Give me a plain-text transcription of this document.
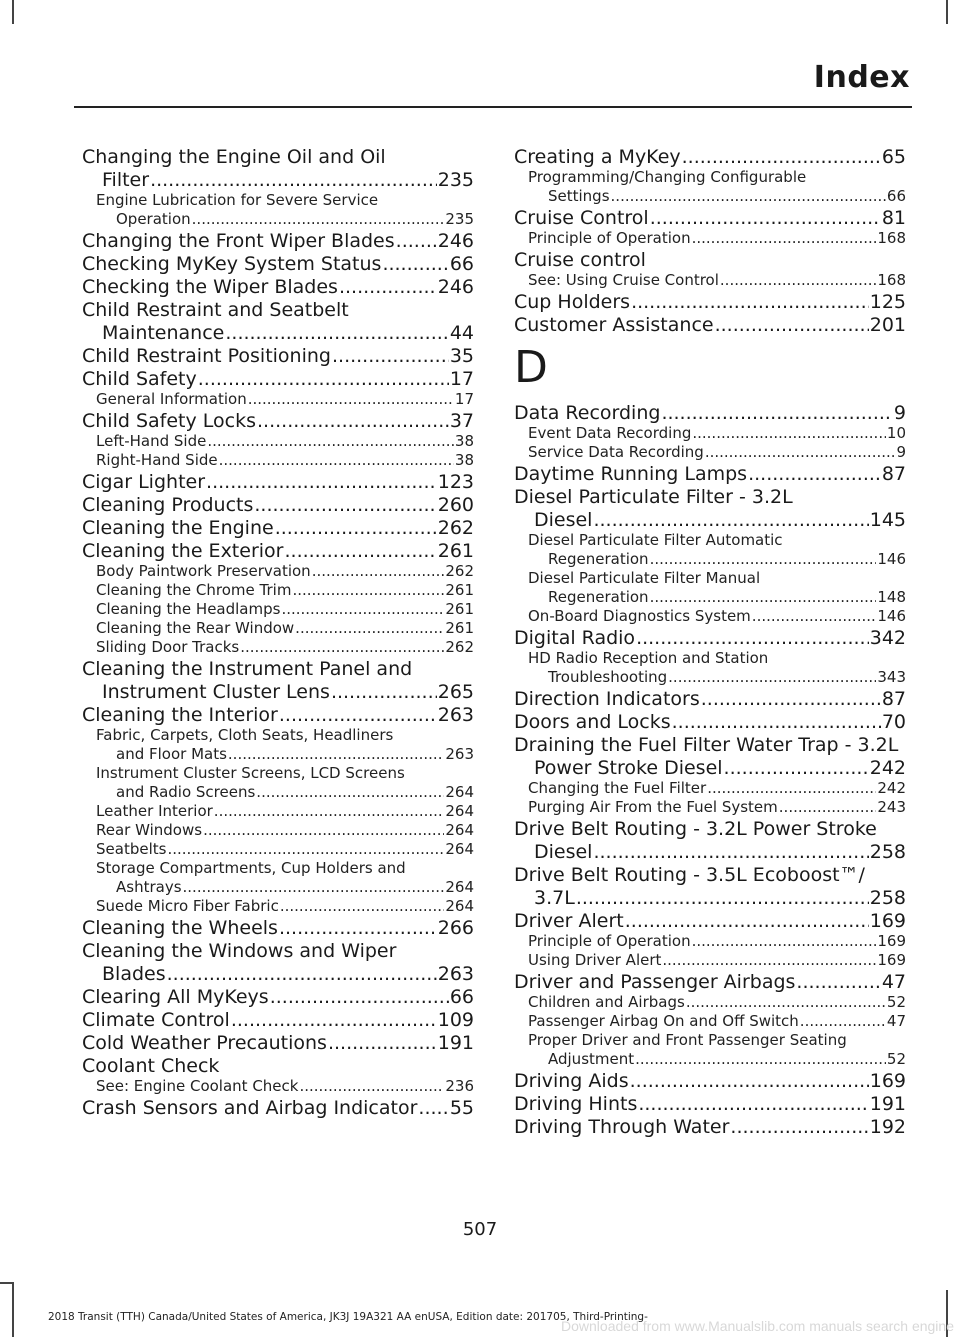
Index
Changing the Engine Oil and Oil
Filter .....	235
Engine Lubrication for Severe Service
Operation .....	235
Changing the Front Wiper Blades ..... 246
Checking MyKey System Status .....	66
Checking the Wiper Blades .....	246
Child Restraint and Seatbelt
Maintenance .....	44
Child Restraint Positioning .....	35
Child Safety .....	17
General Information .....	17
Child Safety Locks .....	37
Left-Hand Side .....	38
Right-Hand Side .....	38
Cigar Lighter .....	123
Cleaning Products .....	260
Cleaning the Engine .....	262
Cleaning the Exterior .....	261
Body Paintwork Preservation .....	262
Cleaning the Chrome Trim .....	261
Cleaning the Headlamps .....	261
Cleaning the Rear Window .....	261
Sliding Door Tracks .....	262
Cleaning the Instrument Panel and
Instrument Cluster Lens .....	265
Cleaning the Interior .....	263
Fabric, Carpets, Cloth Seats, Headliners
and Floor Mats .....	263
Instrument Cluster Screens, LCD Screens
and Radio Screens .....	264
Leather Interior .....	264
Rear Windows .....	264
Seatbelts .....	264
Storage Compartments, Cup Holders and
Ashtrays .....	264
Suede Micro Fiber Fabric .....	264
Cleaning the Wheels .....	266
Cleaning the Windows and Wiper
Blades .....	263
Clearing All MyKeys .....	66
Climate Control .....	109
Cold Weather Precautions .....	191
Coolant Check
See: Engine Coolant Check .....	236
Crash Sensors and Airbag Indicator ..... 55
Creating a MyKey .....	65
Programming/Changing Configurable
Settings .....	66
Cruise Control .....	81
Principle of Operation .....	168
Cruise control
See: Using Cruise Control .....	168
Cup Holders .....	125
Customer Assistance .....	201
D
Data Recording .....	9
Event Data Recording .....	10
Service Data Recording .....	9
Daytime Running Lamps .....	87
Diesel Particulate Filter - 3.2L
Diesel .....	145
Diesel Particulate Filter Automatic
Regeneration .....	146
Diesel Particulate Filter Manual
Regeneration .....	148
On-Board Diagnostics System .....	146
Digital Radio .....	342
HD Radio Reception and Station
Troubleshooting .....	343
Direction Indicators .....	87
Doors and Locks .....	70
Draining the Fuel Filter Water Trap - 3.2L
Power Stroke Diesel .....	242
Changing the Fuel Filter .....	242
Purging Air From the Fuel System .....	243
Drive Belt Routing - 3.2L Power Stroke
Diesel .....	258
Drive Belt Routing - 3.5L Ecoboost™/
3.7L .....	258
Driver Alert .....	169
Principle of Operation .....	169
Using Driver Alert .....	169
Driver and Passenger Airbags .....	47
Children and Airbags .....	52
Passenger Airbag On and Off Switch .....	47
Proper Driver and Front Passenger Seating
Adjustment .....	52
Driving Aids .....	169
Driving Hints .....	191
Driving Through Water .....	192
507
2018 Transit (TTH) Canada/United States of America, JK3J 19A321 AA enUSA, Edition date: 201705, Third-Printing-
Downloaded from www.Manualslib.com manuals search engine
